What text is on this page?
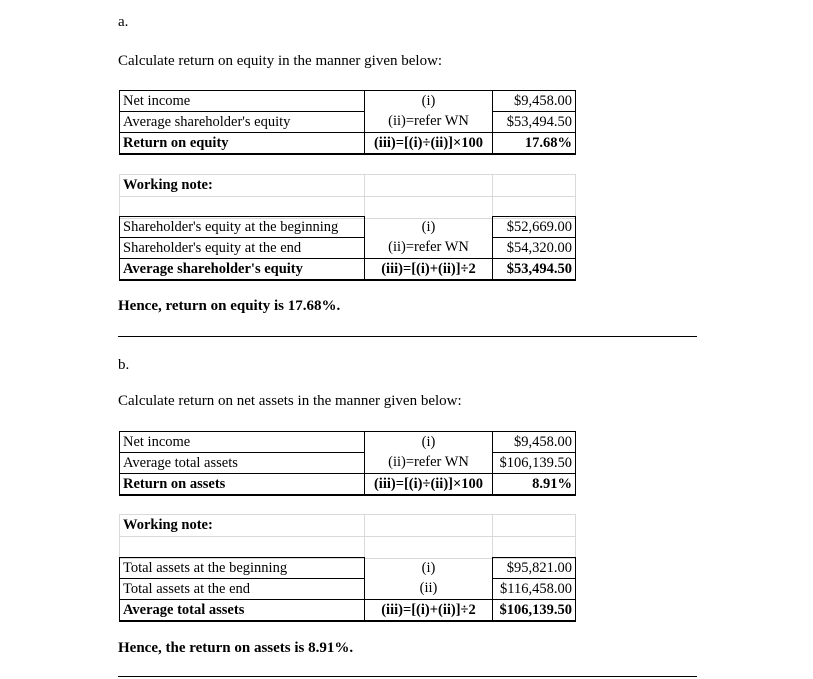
a.
Calculate return on equity in the manner given below:
Net income	(i)	$9,458.00
Average shareholder's equity	(ii)=refer WN	$53,494.50
Return on equity	(iii)=[(i)÷(ii)]×100	17.68%
Working note:		

Shareholder's equity at the beginning	(i)	$52,669.00
Shareholder's equity at the end	(ii)=refer WN	$54,320.00
Average shareholder's equity	(iii)=[(i)+(ii)]÷2	$53,494.50
Hence, return on equity is 17.68%.
b.
Calculate return on net assets in the manner given below:
Net income	(i)	$9,458.00
Average total assets	(ii)=refer WN	$106,139.50
Return on assets	(iii)=[(i)÷(ii)]×100	8.91%
Working note:		

Total assets at the beginning	(i)	$95,821.00
Total assets at the end	(ii)	$116,458.00
Average total assets	(iii)=[(i)+(ii)]÷2	$106,139.50
Hence, the return on assets is 8.91%.
